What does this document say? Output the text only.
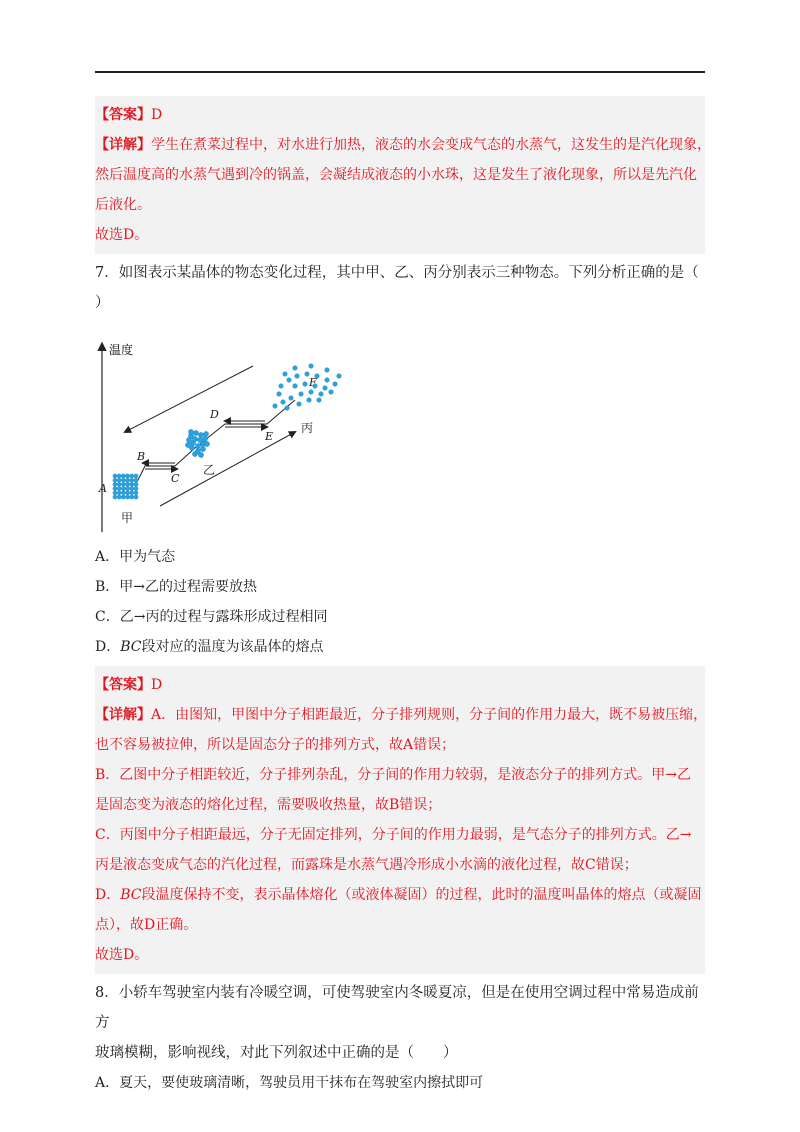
【答案】D

【详解】学生在煮菜过程中，对水进行加热，液态的水会变成气态的水蒸气，这发生的是汽化现象，

然后温度高的水蒸气遇到冷的锅盖，会凝结成液态的小水珠，这是发生了液化现象，所以是先汽化

后液化。

故选D。

7．如图表示某晶体的物态变化过程，其中甲、乙、丙分别表示三种物态。下列分析正确的是（

）

温度
A
B
C
D
E
F
甲
乙
丙

A．甲为气态

B．甲→乙的过程需要放热

C．乙→丙的过程与露珠形成过程相同

D．BC段对应的温度为该晶体的熔点

【答案】D

【详解】A．由图知，甲图中分子相距最近，分子排列规则，分子间的作用力最大，既不易被压缩，

也不容易被拉伸，所以是固态分子的排列方式，故A错误；

B．乙图中分子相距较近，分子排列杂乱，分子间的作用力较弱，是液态分子的排列方式。甲→乙

是固态变为液态的熔化过程，需要吸收热量，故B错误；

C．丙图中分子相距最远，分子无固定排列，分子间的作用力最弱，是气态分子的排列方式。乙→

丙是液态变成气态的汽化过程，而露珠是水蒸气遇冷形成小水滴的液化过程，故C错误；

D．BC段温度保持不变，表示晶体熔化（或液体凝固）的过程，此时的温度叫晶体的熔点（或凝固

点），故D正确。

故选D。

8．小轿车驾驶室内装有冷暖空调，可使驾驶室内冬暖夏凉，但是在使用空调过程中常易造成前方

玻璃模糊，影响视线，对此下列叙述中正确的是（　　）

A．夏天，要使玻璃清晰，驾驶员用干抹布在驾驶室内擦拭即可
